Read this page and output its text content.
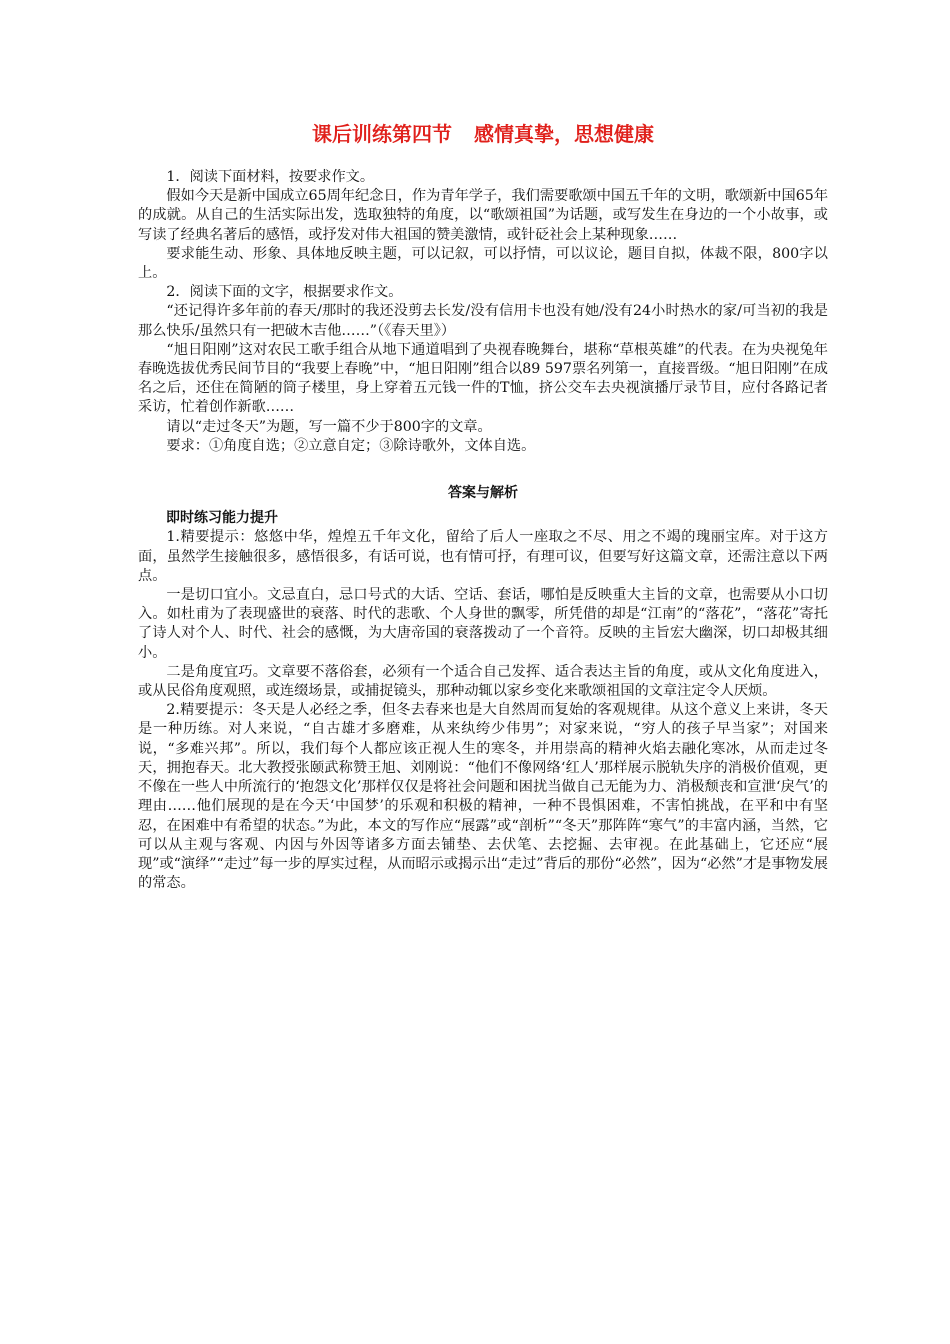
课后训练第四节 感情真挚，思想健康

1．阅读下面材料，按要求作文。

假如今天是新中国成立65周年纪念日，作为青年学子，我们需要歌颂中国五千年的文明，歌颂新中国65年的成就。从自己的生活实际出发，选取独特的角度，以“歌颂祖国”为话题，或写发生在身边的一个小故事，或写读了经典名著后的感悟，或抒发对伟大祖国的赞美激情，或针砭社会上某种现象……

要求能生动、形象、具体地反映主题，可以记叙，可以抒情，可以议论，题目自拟，体裁不限，800字以上。

2．阅读下面的文字，根据要求作文。

“还记得许多年前的春天/那时的我还没剪去长发/没有信用卡也没有她/没有24小时热水的家/可当初的我是那么快乐/虽然只有一把破木吉他……”（《春天里》）

“旭日阳刚”这对农民工歌手组合从地下通道唱到了央视春晚舞台，堪称“草根英雄”的代表。在为央视兔年春晚选拔优秀民间节目的“我要上春晚”中，“旭日阳刚”组合以89 597票名列第一，直接晋级。“旭日阳刚”在成名之后，还住在简陋的筒子楼里，身上穿着五元钱一件的T恤，挤公交车去央视演播厅录节目，应付各路记者采访，忙着创作新歌……

请以“走过冬天”为题，写一篇不少于800字的文章。

要求：①角度自选；②立意自定；③除诗歌外，文体自选。

答案与解析
即时练习能力提升

1.精要提示：悠悠中华，煌煌五千年文化，留给了后人一座取之不尽、用之不竭的瑰丽宝库。对于这方面，虽然学生接触很多，感悟很多，有话可说，也有情可抒，有理可议，但要写好这篇文章，还需注意以下两点。

一是切口宜小。文忌直白，忌口号式的大话、空话、套话，哪怕是反映重大主旨的文章，也需要从小口切入。如杜甫为了表现盛世的衰落、时代的悲歌、个人身世的飘零，所凭借的却是“江南”的“落花”，“落花”寄托了诗人对个人、时代、社会的感慨，为大唐帝国的衰落拨动了一个音符。反映的主旨宏大幽深，切口却极其细小。

二是角度宜巧。文章要不落俗套，必须有一个适合自己发挥、适合表达主旨的角度，或从文化角度进入，或从民俗角度观照，或连缀场景，或捕捉镜头，那种动辄以家乡变化来歌颂祖国的文章注定令人厌烦。

2.精要提示：冬天是人必经之季，但冬去春来也是大自然周而复始的客观规律。从这个意义上来讲，冬天是一种历练。对人来说，“自古雄才多磨难，从来纨绔少伟男”；对家来说，“穷人的孩子早当家”；对国来说，“多难兴邦”。所以，我们每个人都应该正视人生的寒冬，并用崇高的精神火焰去融化寒冰，从而走过冬天，拥抱春天。北大教授张颐武称赞王旭、刘刚说：“他们不像网络‘红人’那样展示脱轨失序的消极价值观，更不像在一些人中所流行的‘抱怨文化’那样仅仅是将社会问题和困扰当做自己无能为力、消极颓丧和宣泄‘戾气’的理由……他们展现的是在今天‘中国梦’的乐观和积极的精神，一种不畏惧困难，不害怕挑战，在平和中有坚忍，在困难中有希望的状态。”为此，本文的写作应“展露”或“剖析”“冬天”那阵阵“寒气”的丰富内涵，当然，它可以从主观与客观、内因与外因等诸多方面去铺垫、去伏笔、去挖掘、去审视。在此基础上，它还应“展现”或“演绎”“走过”每一步的厚实过程，从而昭示或揭示出“走过”背后的那份“必然”，因为“必然”才是事物发展的常态。
